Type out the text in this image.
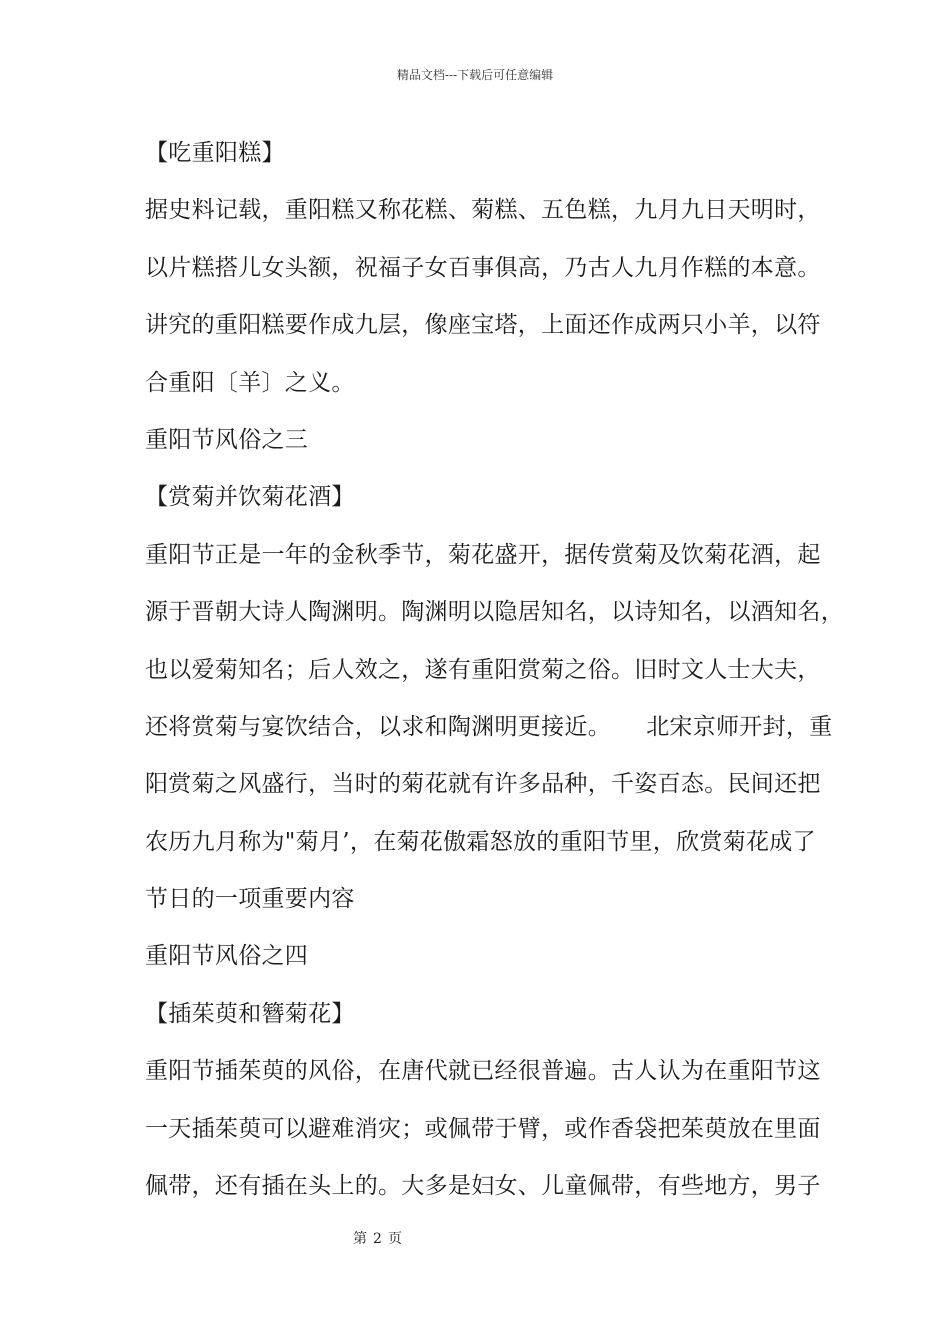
精品文档---下载后可任意编辑
【吃重阳糕】
据史料记载，重阳糕又称花糕、菊糕、五色糕，九月九日天明时，
以片糕搭儿女头额，祝福子女百事俱高，乃古人九月作糕的本意。
讲究的重阳糕要作成九层，像座宝塔，上面还作成两只小羊，以符
合重阳〔羊〕之义。
重阳节风俗之三
【赏菊并饮菊花酒】
重阳节正是一年的金秋季节，菊花盛开，据传赏菊及饮菊花酒，起
源于晋朝大诗人陶渊明。陶渊明以隐居知名，以诗知名，以酒知名，
也以爱菊知名；后人效之，遂有重阳赏菊之俗。旧时文人士大夫，
还将赏菊与宴饮结合，以求和陶渊明更接近。　　北宋京师开封，重
阳赏菊之风盛行，当时的菊花就有许多品种，千姿百态。民间还把
农历九月称为"菊月’，在菊花傲霜怒放的重阳节里，欣赏菊花成了
节日的一项重要内容
重阳节风俗之四
【插茱萸和簪菊花】
重阳节插茱萸的风俗，在唐代就已经很普遍。古人认为在重阳节这
一天插茱萸可以避难消灾；或佩带于臂，或作香袋把茱萸放在里面
佩带，还有插在头上的。大多是妇女、儿童佩带，有些地方，男子
第 2 页
